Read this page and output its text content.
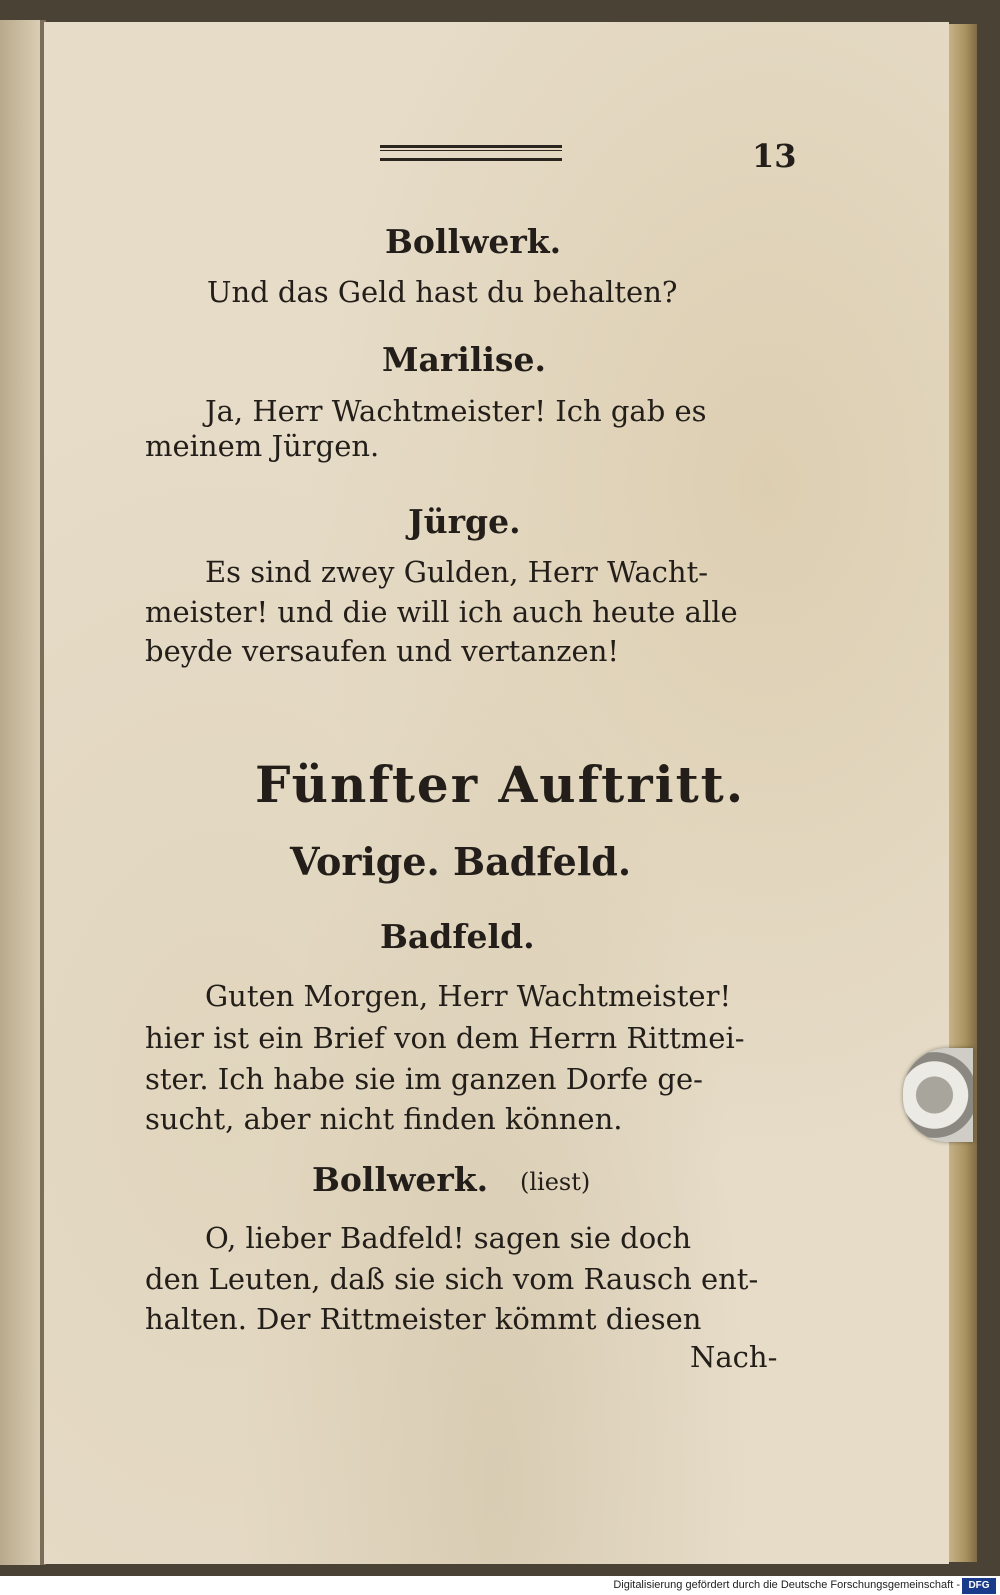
13
Bollwerk.
Und das Geld hast du behalten?
Marilise.
Ja, Herr Wachtmeister! Ich gab es
meinem Jürgen.
Jürge.
Es sind zwey Gulden, Herr Wacht-
meister! und die will ich auch heute alle
beyde versaufen und vertanzen!
Fünfter Auftritt.
Vorige. Badfeld.
Badfeld.
Guten Morgen, Herr Wachtmeister!
hier ist ein Brief von dem Herrn Rittmei-
ster. Ich habe sie im ganzen Dorfe ge-
sucht, aber nicht finden können.
Bollwerk. (liest)
O, lieber Badfeld! sagen sie doch
den Leuten, daß sie sich vom Rausch ent-
halten. Der Rittmeister kömmt diesen
Nach-
Digitalisierung gefördert durch die Deutsche Forschungsgemeinschaft - DFG
